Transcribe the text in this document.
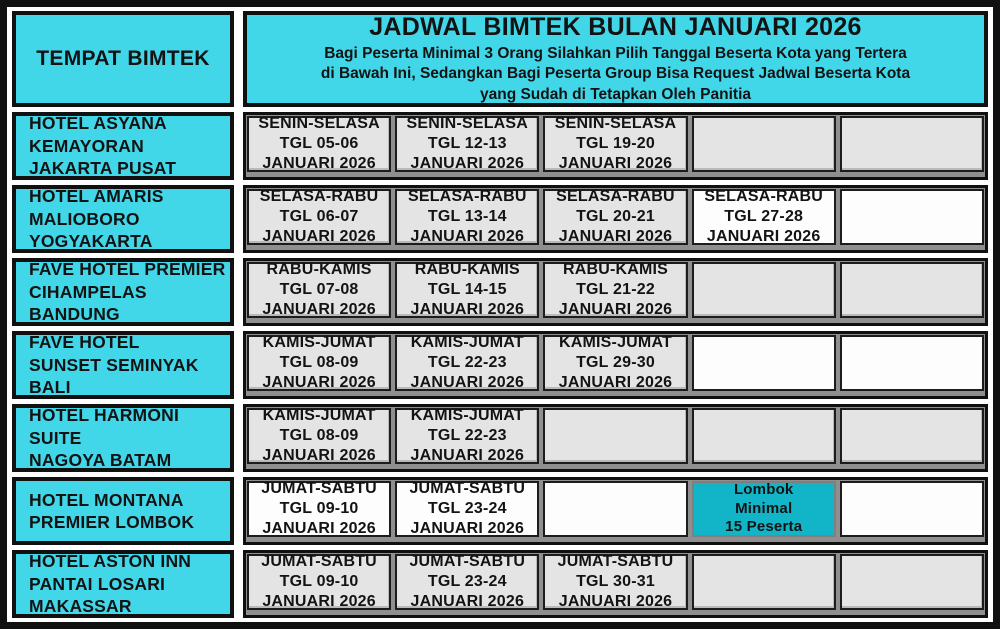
TEMPAT BIMTEK
JADWAL BIMTEK BULAN JANUARI 2026
Bagi Peserta Minimal 3 Orang Silahkan Pilih Tanggal Beserta Kota yang Tertera
di Bawah Ini, Sedangkan Bagi Peserta Group Bisa Request Jadwal Beserta Kota
yang Sudah di Tetapkan Oleh Panitia
HOTEL ASYANA
KEMAYORAN
JAKARTA PUSAT
SENIN-SELASA
TGL 05-06
JANUARI 2026
SENIN-SELASA
TGL 12-13
JANUARI 2026
SENIN-SELASA
TGL 19-20
JANUARI 2026
HOTEL AMARIS
MALIOBORO
YOGYAKARTA
SELASA-RABU
TGL 06-07
JANUARI 2026
SELASA-RABU
TGL 13-14
JANUARI 2026
SELASA-RABU
TGL 20-21
JANUARI 2026
SELASA-RABU
TGL 27-28
JANUARI 2026
FAVE HOTEL PREMIER
CIHAMPELAS BANDUNG
RABU-KAMIS
TGL 07-08
JANUARI 2026
RABU-KAMIS
TGL 14-15
JANUARI 2026
RABU-KAMIS
TGL 21-22
JANUARI 2026
FAVE HOTEL
SUNSET SEMINYAK BALI
KAMIS-JUMAT
TGL 08-09
JANUARI 2026
KAMIS-JUMAT
TGL 22-23
JANUARI 2026
KAMIS-JUMAT
TGL 29-30
JANUARI 2026
HOTEL HARMONI SUITE
NAGOYA BATAM
KAMIS-JUMAT
TGL 08-09
JANUARI 2026
KAMIS-JUMAT
TGL 22-23
JANUARI 2026
HOTEL MONTANA
PREMIER LOMBOK
JUMAT-SABTU
TGL 09-10
JANUARI 2026
JUMAT-SABTU
TGL 23-24
JANUARI 2026
Lombok
Minimal
15 Peserta
HOTEL ASTON INN
PANTAI LOSARI
MAKASSAR
JUMAT-SABTU
TGL 09-10
JANUARI 2026
JUMAT-SABTU
TGL 23-24
JANUARI 2026
JUMAT-SABTU
TGL 30-31
JANUARI 2026
